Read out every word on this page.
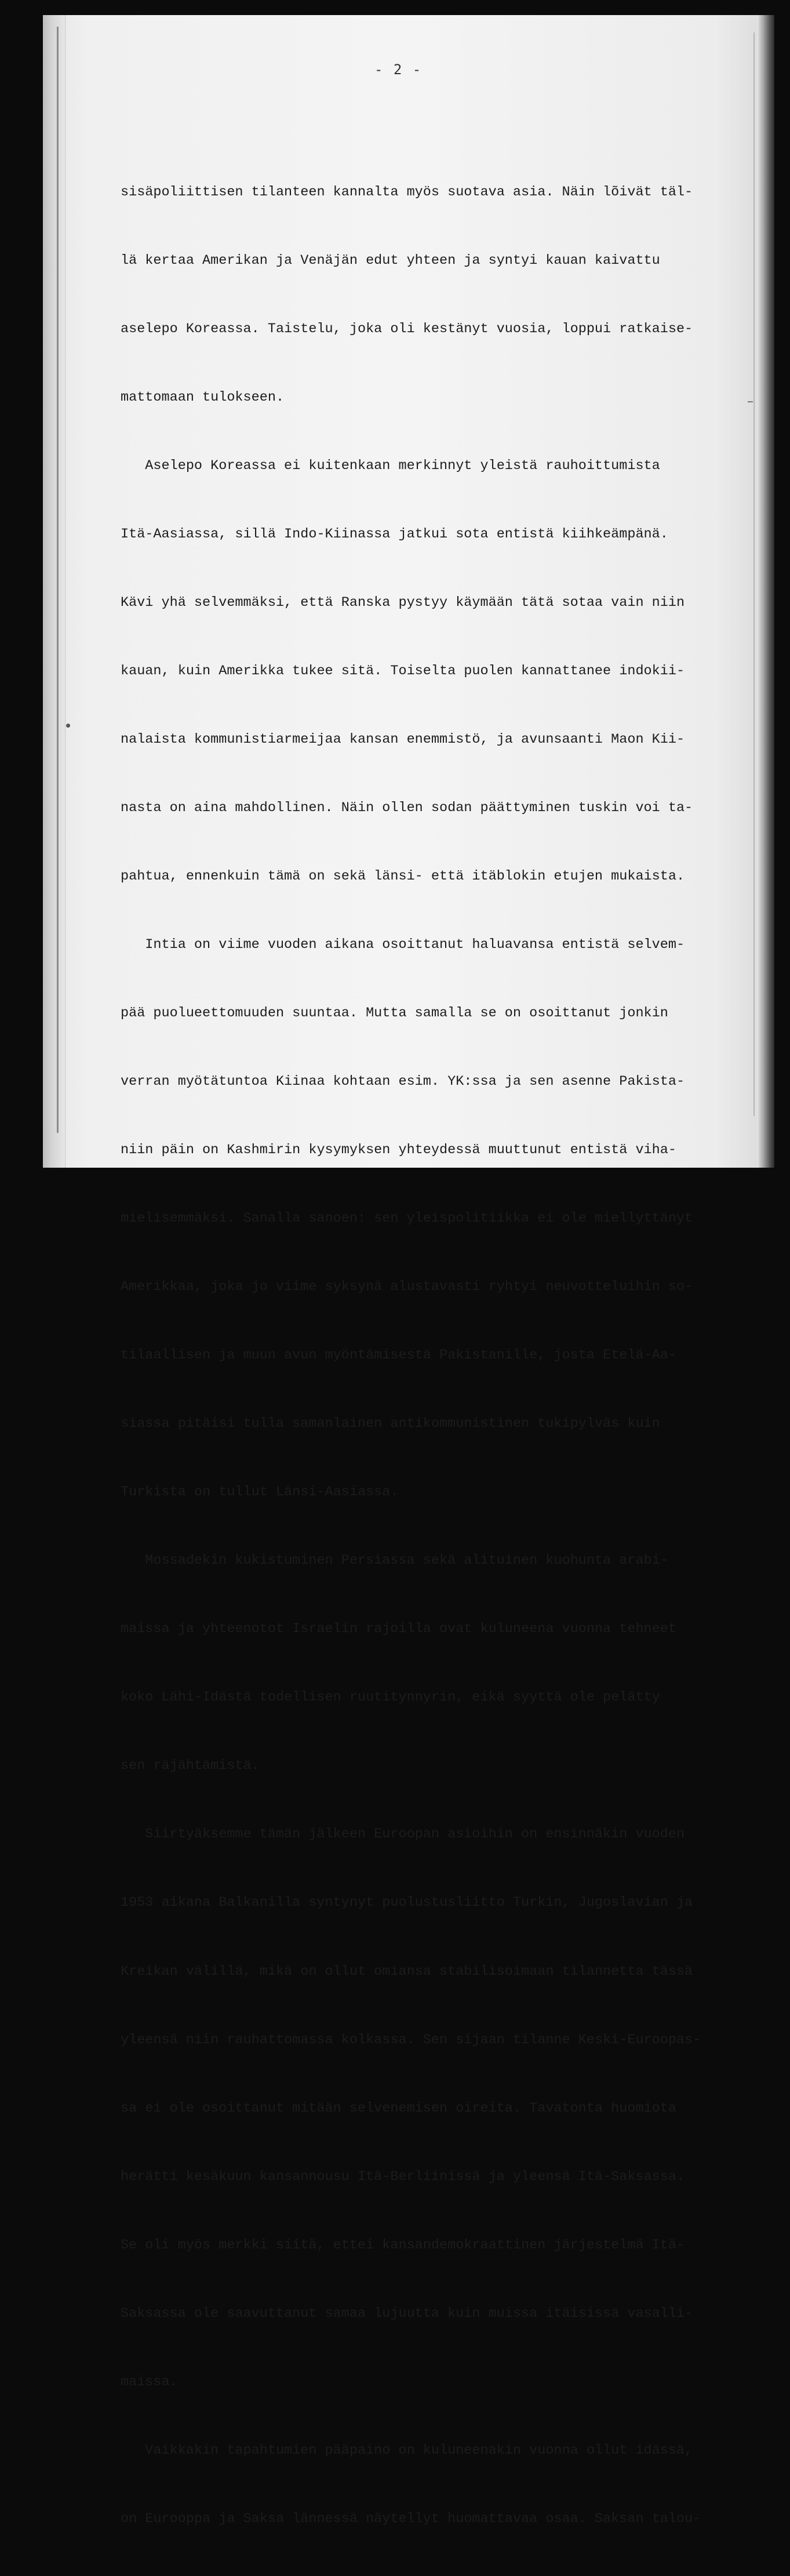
- 2 -

sisäpoliittisen tilanteen kannalta myös suotava asia. Näin lõivät täl-

lä kertaa Amerikan ja Venäjän edut yhteen ja syntyi kauan kaivattu

aselepo Koreassa. Taistelu, joka oli kestänyt vuosia, loppui ratkaise-

mattomaan tulokseen.

Aselepo Koreassa ei kuitenkaan merkinnyt yleistä rauhoittumista

Itä-Aasiassa, sillä Indo-Kiinassa jatkui sota entistä kiihkeämpänä.

Kävi yhä selvemmäksi, että Ranska pystyy käymään tätä sotaa vain niin

kauan, kuin Amerikka tukee sitä. Toiselta puolen kannattanee indokii-

nalaista kommunistiarmeijaa kansan enemmistö, ja avunsaanti Maon Kii-

nasta on aina mahdollinen. Näin ollen sodan päättyminen tuskin voi ta-

pahtua, ennenkuin tämä on sekä länsi- että itäblokin etujen mukaista.

Intia on viime vuoden aikana osoittanut haluavansa entistä selvem-

pää puolueettomuuden suuntaa. Mutta samalla se on osoittanut jonkin

verran myötätuntoa Kiinaa kohtaan esim. YK:ssa ja sen asenne Pakista-

niin päin on Kashmirin kysymyksen yhteydessä muuttunut entistä viha-

mielisemmäksi. Sanalla sanoen: sen yleispolitiikka ei ole miellyttänyt

Amerikkaa, joka jo viime syksynä alustavasti ryhtyi neuvotteluihin so-

tilaallisen ja muun avun myöntämisestä Pakistanille, josta Etelä-Aa-

siassa pitäisi tulla samanlainen antikommunistinen tukipylväs kuin

Turkista on tullut Länsi-Aasiassa.

Mossadekin kukistuminen Persiassa sekä alituinen kuohunta arabi-

maissa ja yhteenotot Israelin rajoilla ovat kuluneena vuonna tehneet

koko Lähi-Idästä todellisen ruutitynnyrin, eikä syyttä ole pelätty

sen räjähtämistä.

Siirtyäksemme tämän jälkeen Euroopan asioihin on ensinnäkin vuoden

1953 aikana Balkanilla syntynyt puolustusliitto Turkin, Jugoslavian ja

Kreikan välillä, mikä on ollut omiansa stabilisoimaan tilannetta tässä

yleensä niin rauhattomassa kolkassa. Sen sijaan tilanne Keski-Euroopas-

sa ei ole osoittanut mitään selvenemisen oireita. Tavatonta huomiota

herätti kesäkuun kansannousu Itä-Berliinissä ja yleensä Itä-Saksassa.

Se oli myös merkki siitä, ettei kansandemokraattinen järjestelmä Itä-

Saksassa ole saavuttanut samaa lujuutta kuin muissa itäisissä vasalli-

maissa.

Vaikkakin tapahtumien pääpaino on kuluneenakin vuonna ollut idässä,

on Eurooppa ja Saksa lännessä näytellyt huomattavaa osaa. Saksan talou-
